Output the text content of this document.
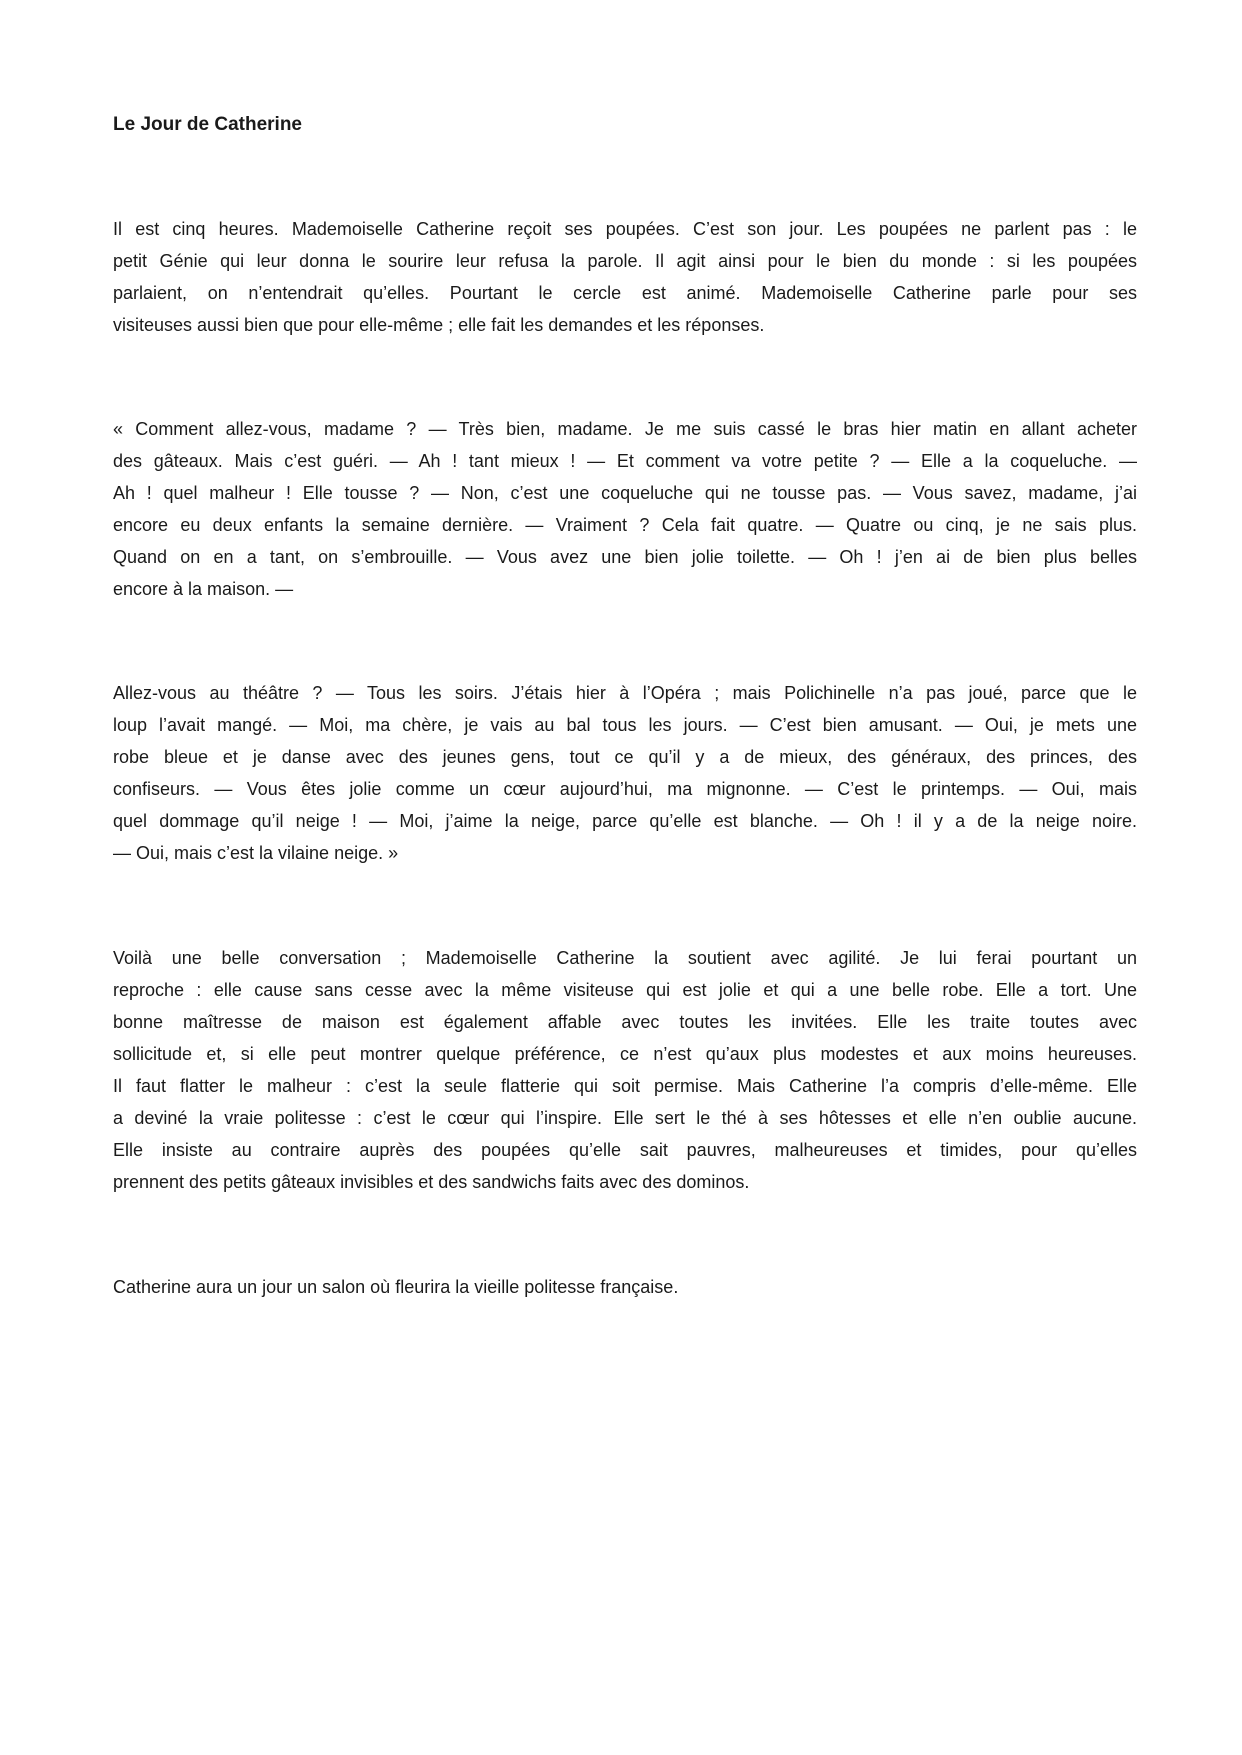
Le Jour de Catherine
Il est cinq heures. Mademoiselle Catherine reçoit ses poupées. C’est son jour. Les poupées ne parlent pas : le
petit Génie qui leur donna le sourire leur refusa la parole. Il agit ainsi pour le bien du monde : si les poupées
parlaient, on n’entendrait qu’elles. Pourtant le cercle est animé. Mademoiselle Catherine parle pour ses
visiteuses aussi bien que pour elle-même ; elle fait les demandes et les réponses.
« Comment allez-vous, madame ? — Très bien, madame. Je me suis cassé le bras hier matin en allant acheter
des gâteaux. Mais c’est guéri. — Ah ! tant mieux ! — Et comment va votre petite ? — Elle a la coqueluche. —
Ah ! quel malheur ! Elle tousse ? — Non, c’est une coqueluche qui ne tousse pas. — Vous savez, madame, j’ai
encore eu deux enfants la semaine dernière. — Vraiment ? Cela fait quatre. — Quatre ou cinq, je ne sais plus.
Quand on en a tant, on s’embrouille. — Vous avez une bien jolie toilette. — Oh ! j’en ai de bien plus belles
encore à la maison. —
Allez-vous au théâtre ? — Tous les soirs. J’étais hier à l’Opéra ; mais Polichinelle n’a pas joué, parce que le
loup l’avait mangé. — Moi, ma chère, je vais au bal tous les jours. — C’est bien amusant. — Oui, je mets une
robe bleue et je danse avec des jeunes gens, tout ce qu’il y a de mieux, des généraux, des princes, des
confiseurs. — Vous êtes jolie comme un cœur aujourd’hui, ma mignonne. — C’est le printemps. — Oui, mais
quel dommage qu’il neige ! — Moi, j’aime la neige, parce qu’elle est blanche. — Oh ! il y a de la neige noire.
— Oui, mais c’est la vilaine neige. »
Voilà une belle conversation ; Mademoiselle Catherine la soutient avec agilité. Je lui ferai pourtant un
reproche : elle cause sans cesse avec la même visiteuse qui est jolie et qui a une belle robe. Elle a tort. Une
bonne maîtresse de maison est également affable avec toutes les invitées. Elle les traite toutes avec
sollicitude et, si elle peut montrer quelque préférence, ce n’est qu’aux plus modestes et aux moins heureuses.
Il faut flatter le malheur : c’est la seule flatterie qui soit permise. Mais Catherine l’a compris d’elle-même. Elle
a deviné la vraie politesse : c’est le cœur qui l’inspire. Elle sert le thé à ses hôtesses et elle n’en oublie aucune.
Elle insiste au contraire auprès des poupées qu’elle sait pauvres, malheureuses et timides, pour qu’elles
prennent des petits gâteaux invisibles et des sandwichs faits avec des dominos.
Catherine aura un jour un salon où fleurira la vieille politesse française.
